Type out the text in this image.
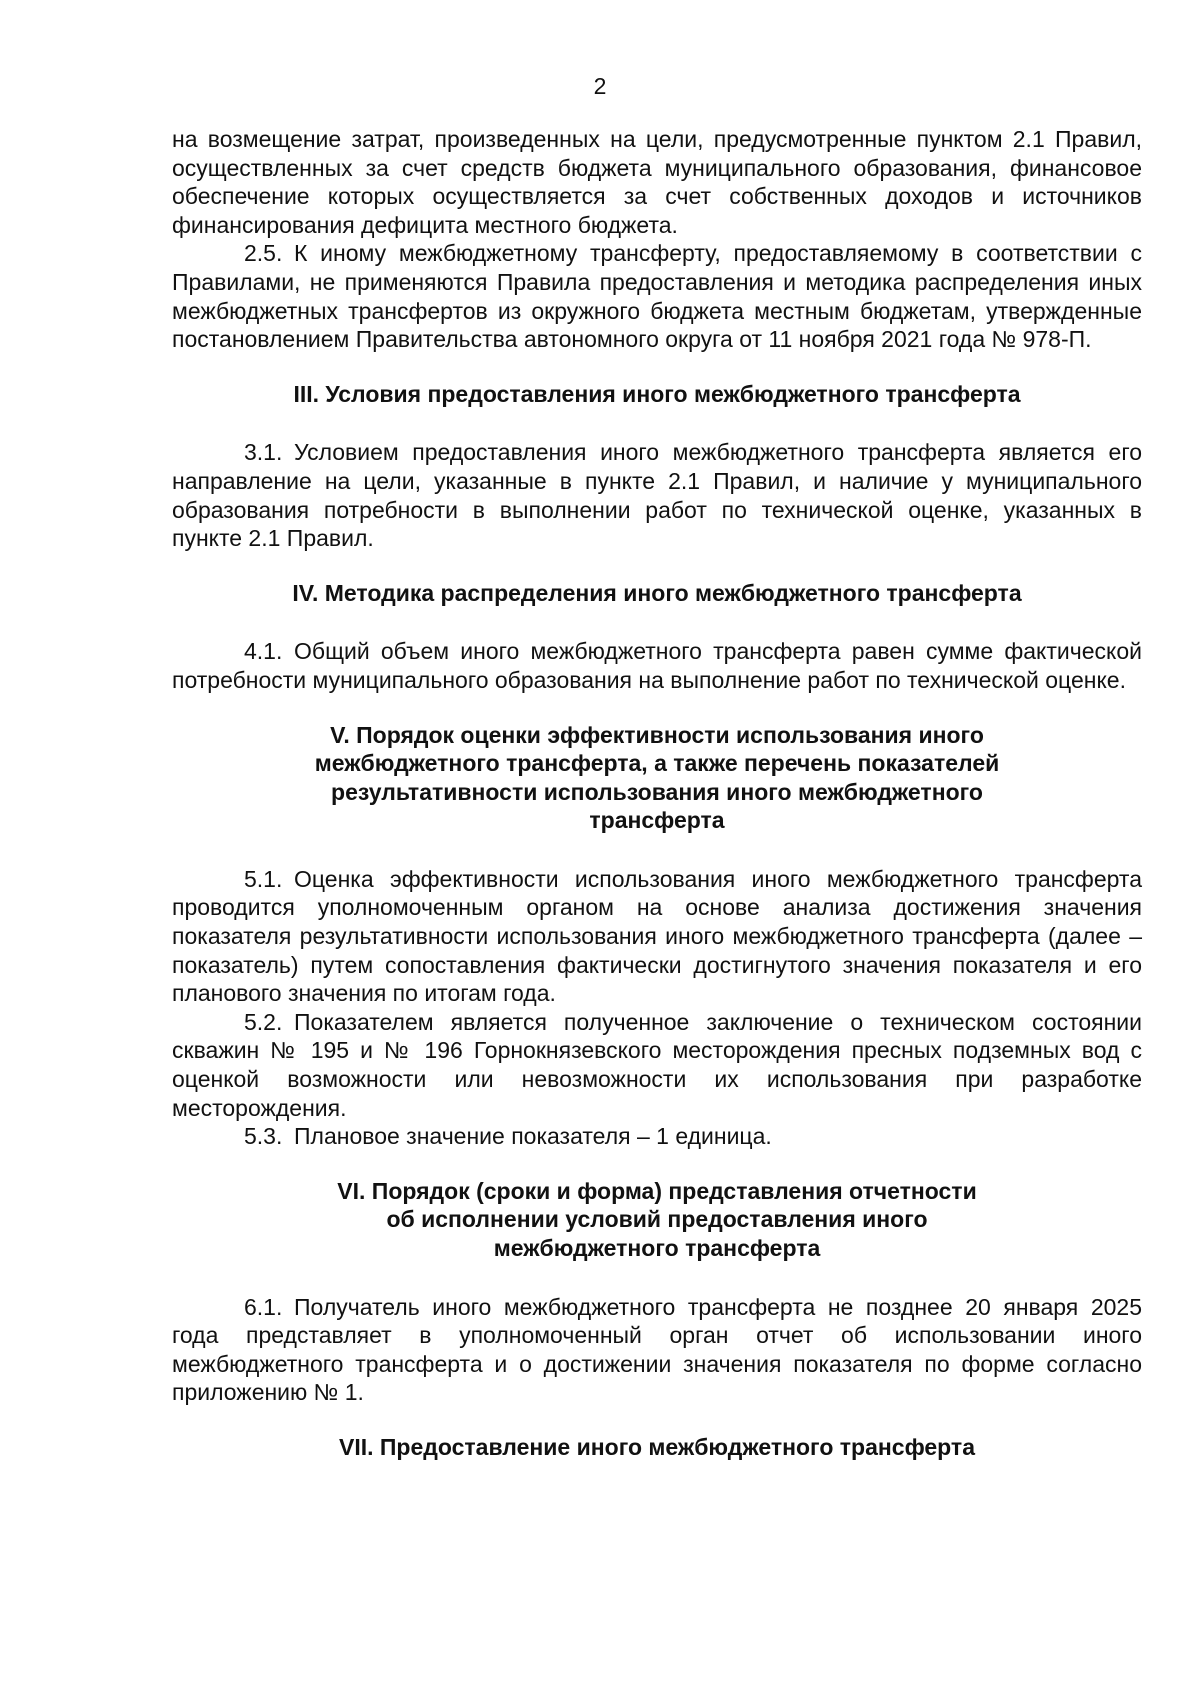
2

на возмещение затрат, произведенных на цели, предусмотренные пунктом 2.1 Правил, осуществленных за счет средств бюджета муниципального образования, финансовое обеспечение которых осуществляется за счет собственных доходов и источников финансирования дефицита местного бюджета.

2.5. К иному межбюджетному трансферту, предоставляемому в соответствии с Правилами, не применяются Правила предоставления и методика распределения иных межбюджетных трансфертов из окружного бюджета местным бюджетам, утвержденные постановлением Правительства автономного округа от 11 ноября 2021 года № 978-П.

III. Условия предоставления иного межбюджетного трансферта

3.1. Условием предоставления иного межбюджетного трансферта является его направление на цели, указанные в пункте 2.1 Правил, и наличие у муниципального образования потребности в выполнении работ по технической оценке, указанных в пункте 2.1 Правил.

IV. Методика распределения иного межбюджетного трансферта

4.1. Общий объем иного межбюджетного трансферта равен сумме фактической потребности муниципального образования на выполнение работ по технической оценке.

V. Порядок оценки эффективности использования иного
межбюджетного трансферта, а также перечень показателей
результативности использования иного межбюджетного
трансферта

5.1. Оценка эффективности использования иного межбюджетного трансферта проводится уполномоченным органом на основе анализа достижения значения показателя результативности использования иного межбюджетного трансферта (далее – показатель) путем сопоставления фактически достигнутого значения показателя и его планового значения по итогам года.

5.2. Показателем является полученное заключение о техническом состоянии скважин № 195 и № 196 Горнокнязевского месторождения пресных подземных вод с оценкой возможности или невозможности их использования при разработке месторождения.

5.3. Плановое значение показателя – 1 единица.

VI. Порядок (сроки и форма) представления отчетности
об исполнении условий предоставления иного
межбюджетного трансферта

6.1. Получатель иного межбюджетного трансферта не позднее 20 января 2025 года представляет в уполномоченный орган отчет об использовании иного межбюджетного трансферта и о достижении значения показателя по форме согласно приложению № 1.

VII. Предоставление иного межбюджетного трансферта
